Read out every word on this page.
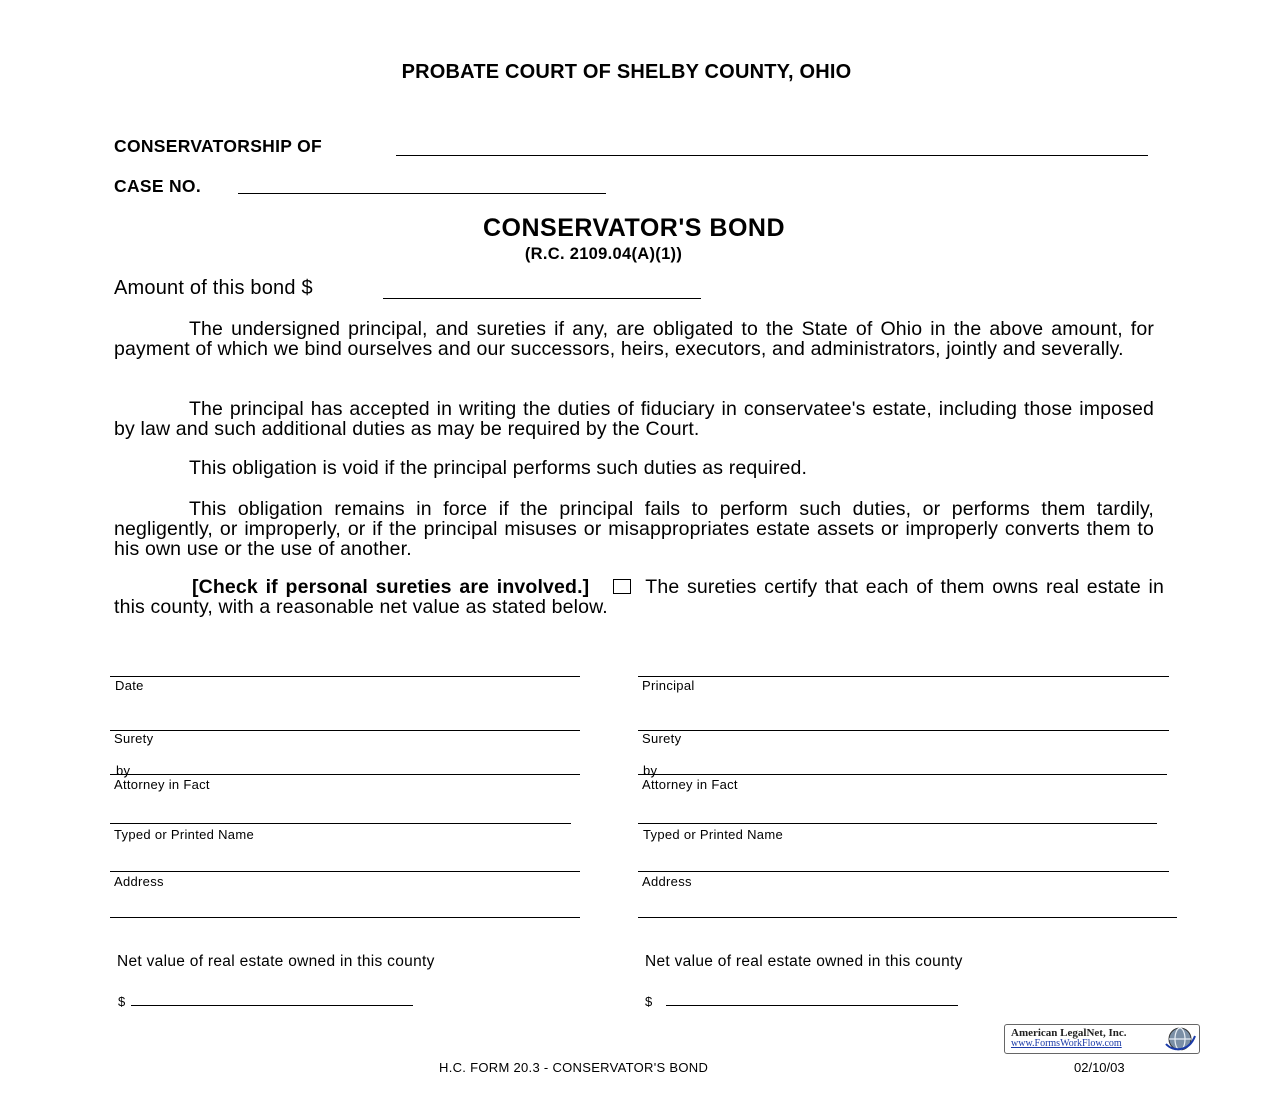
PROBATE COURT OF SHELBY COUNTY, OHIO
CONSERVATORSHIP OF
CASE NO.
CONSERVATOR'S BOND
(R.C. 2109.04(A)(1))
Amount of this bond $
The undersigned principal, and sureties if any, are obligated to the State of Ohio in the above amount, for payment of which we bind ourselves and our successors, heirs, executors, and administrators, jointly and severally.
The principal has accepted in writing the duties of fiduciary in conservatee's estate, including those imposed by law and such additional duties as may be required by the Court.
This obligation is void if the principal performs such duties as required.
This obligation remains in force if the principal fails to perform such duties, or performs them tardily, negligently, or improperly, or if the principal misuses or misappropriates estate assets or improperly converts them to his own use or the use of another.
[Check if personal sureties are involved.]	The sureties certify that each of them owns real estate in this county, with a reasonable net value as stated below.
Date
Surety
by
Attorney in Fact
Typed or Printed Name
Address
Net value of real estate owned in this county
$
Principal
Surety
by
Attorney in Fact
Typed or Printed Name
Address
Net value of real estate owned in this county
$
American LegalNet, Inc.
www.FormsWorkFlow.com
H.C. FORM 20.3 - CONSERVATOR'S BOND	02/10/03
